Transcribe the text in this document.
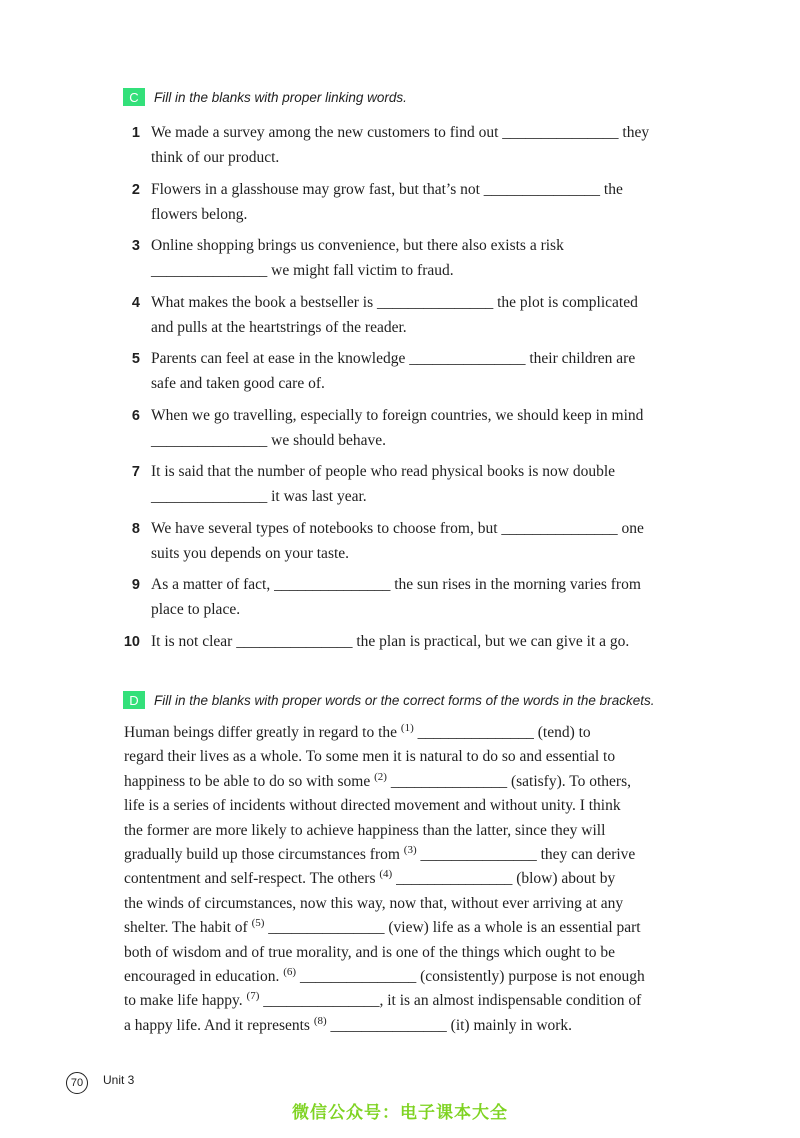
C	Fill in the blanks with proper linking words.
1 We made a survey among the new customers to find out _______________ they
think of our product.
2 Flowers in a glasshouse may grow fast, but that’s not _______________ the
flowers belong.
3 Online shopping brings us convenience, but there also exists a risk
_______________ we might fall victim to fraud.
4 What makes the book a bestseller is _______________ the plot is complicated
and pulls at the heartstrings of the reader.
5 Parents can feel at ease in the knowledge _______________ their children are
safe and taken good care of.
6 When we go travelling, especially to foreign countries, we should keep in mind
_______________ we should behave.
7 It is said that the number of people who read physical books is now double
_______________ it was last year.
8 We have several types of notebooks to choose from, but _______________ one
suits you depends on your taste.
9 As a matter of fact, _______________ the sun rises in the morning varies from
place to place.
10 It is not clear _______________ the plan is practical, but we can give it a go.
D	Fill in the blanks with proper words or the correct forms of the words in the brackets.
Human beings differ greatly in regard to the $^{(1)}$ _______________ (tend) to
regard their lives as a whole. To some men it is natural to do so and essential to
happiness to be able to do so with some $^{(2)}$ _______________ (satisfy). To others,
life is a series of incidents without directed movement and without unity. I think
the former are more likely to achieve happiness than the latter, since they will
gradually build up those circumstances from $^{(3)}$ _______________ they can derive
contentment and self-respect. The others $^{(4)}$ _______________ (blow) about by
the winds of circumstances, now this way, now that, without ever arriving at any
shelter. The habit of $^{(5)}$ _______________ (view) life as a whole is an essential part
both of wisdom and of true morality, and is one of the things which ought to be
encouraged in education. $^{(6)}$ _______________ (consistently) purpose is not enough
to make life happy. $^{(7)}$ _______________, it is an almost indispensable condition of
a happy life. And it represents $^{(8)}$ _______________ (it) mainly in work.
70	Unit 3
微信公众号：电子课本大全
